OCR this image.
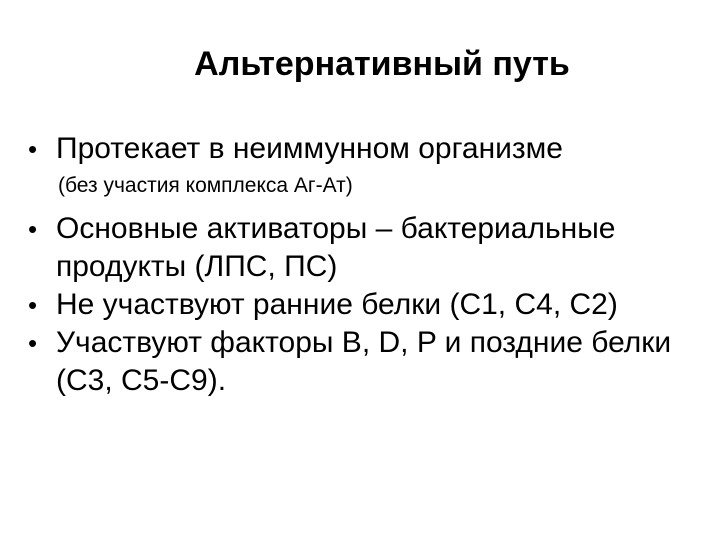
Альтернативный путь
• Протекает в неиммунном организме
(без участия комплекса Аг-Ат)
• Основные активаторы – бактериальные продукты (ЛПС, ПС)
• Не участвуют ранние белки (С1, С4, С2)
• Участвуют факторы В, D, P и поздние белки (С3, С5-С9).
